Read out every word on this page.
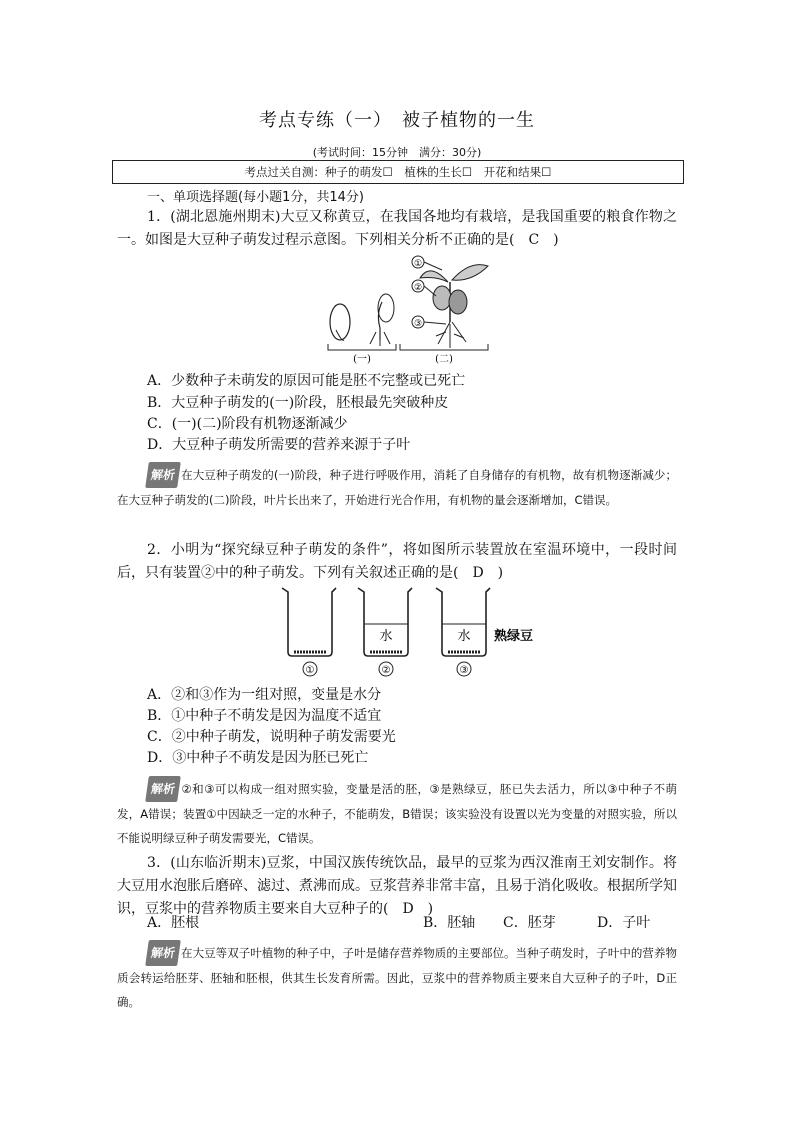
考点专练（一）　被子植物的一生
(考试时间：15分钟　满分：30分)
考点过关自测：种子的萌发☐　植株的生长☐　开花和结果☐
一、单项选择题(每小题1分，共14分)
1．(湖北恩施州期末)大豆又称黄豆，在我国各地均有栽培，是我国重要的粮食作物之一。如图是大豆种子萌发过程示意图。下列相关分析不正确的是(　C　)
①
②
③
(一)	(二)
A．少数种子未萌发的原因可能是胚不完整或已死亡
B．大豆种子萌发的(一)阶段，胚根最先突破种皮
C．(一)(二)阶段有机物逐渐减少
D．大豆种子萌发所需要的营养来源于子叶
解析 在大豆种子萌发的(一)阶段，种子进行呼吸作用，消耗了自身储存的有机物，故有机物逐渐减少；在大豆种子萌发的(二)阶段，叶片长出来了，开始进行光合作用，有机物的量会逐渐增加，C错误。
2．小明为“探究绿豆种子萌发的条件”，将如图所示装置放在室温环境中，一段时间后，只有装置②中的种子萌发。下列有关叙述正确的是(　D　)
①
水
②
水
③
熟绿豆
A．②和③作为一组对照，变量是水分
B．①中种子不萌发是因为温度不适宜
C．②中种子萌发，说明种子萌发需要光
D．③中种子不萌发是因为胚已死亡
解析 ②和③可以构成一组对照实验，变量是活的胚，③是熟绿豆，胚已失去活力，所以③中种子不萌发，A错误；装置①中因缺乏一定的水种子，不能萌发，B错误；该实验没有设置以光为变量的对照实验，所以不能说明绿豆种子萌发需要光，C错误。
3．(山东临沂期末)豆浆，中国汉族传统饮品，最早的豆浆为西汉淮南王刘安制作。将大豆用水泡胀后磨碎、滤过、煮沸而成。豆浆营养非常丰富，且易于消化吸收。根据所学知识，豆浆中的营养物质主要来自大豆种子的(　D　)
A．胚根	B．胚轴 C．胚芽	D．子叶
解析 在大豆等双子叶植物的种子中，子叶是储存营养物质的主要部位。当种子萌发时，子叶中的营养物质会转运给胚芽、胚轴和胚根，供其生长发育所需。因此，豆浆中的营养物质主要来自大豆种子的子叶，D正确。
